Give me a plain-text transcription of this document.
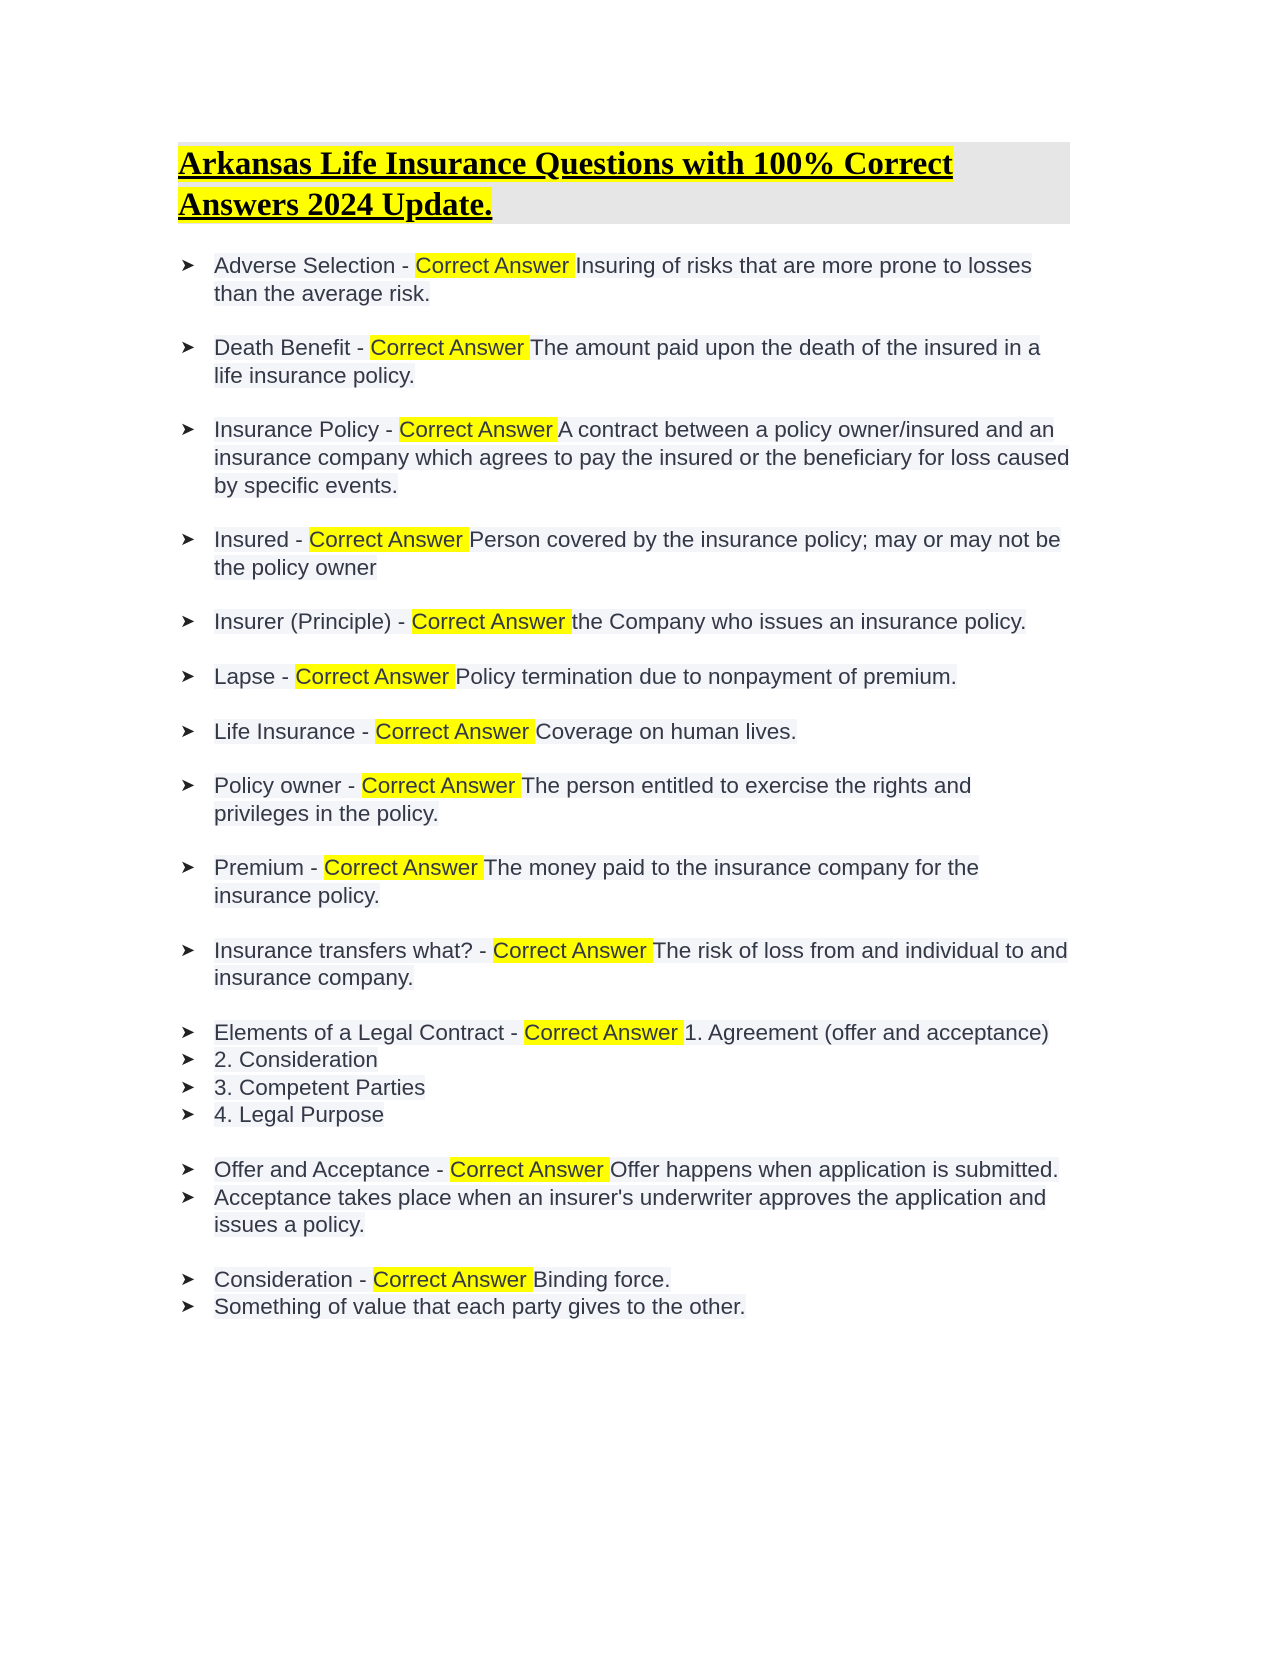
Arkansas Life Insurance Questions with 100% Correct Answers 2024 Update.
➤ Adverse Selection - Correct Answer Insuring of risks that are more prone to losses than the average risk.
➤ Death Benefit - Correct Answer The amount paid upon the death of the insured in a life insurance policy.
➤ Insurance Policy - Correct Answer A contract between a policy owner/insured and an insurance company which agrees to pay the insured or the beneficiary for loss caused by specific events.
➤ Insured - Correct Answer Person covered by the insurance policy; may or may not be the policy owner
➤ Insurer (Principle) - Correct Answer the Company who issues an insurance policy.
➤ Lapse - Correct Answer Policy termination due to nonpayment of premium.
➤ Life Insurance - Correct Answer Coverage on human lives.
➤ Policy owner - Correct Answer The person entitled to exercise the rights and privileges in the policy.
➤ Premium - Correct Answer The money paid to the insurance company for the insurance policy.
➤ Insurance transfers what? - Correct Answer The risk of loss from and individual to and insurance company.
➤ Elements of a Legal Contract - Correct Answer 1. Agreement (offer and acceptance)
➤ 2. Consideration
➤ 3. Competent Parties
➤ 4. Legal Purpose
➤ Offer and Acceptance - Correct Answer Offer happens when application is submitted.
➤ Acceptance takes place when an insurer's underwriter approves the application and issues a policy.
➤ Consideration - Correct Answer Binding force.
➤ Something of value that each party gives to the other.
